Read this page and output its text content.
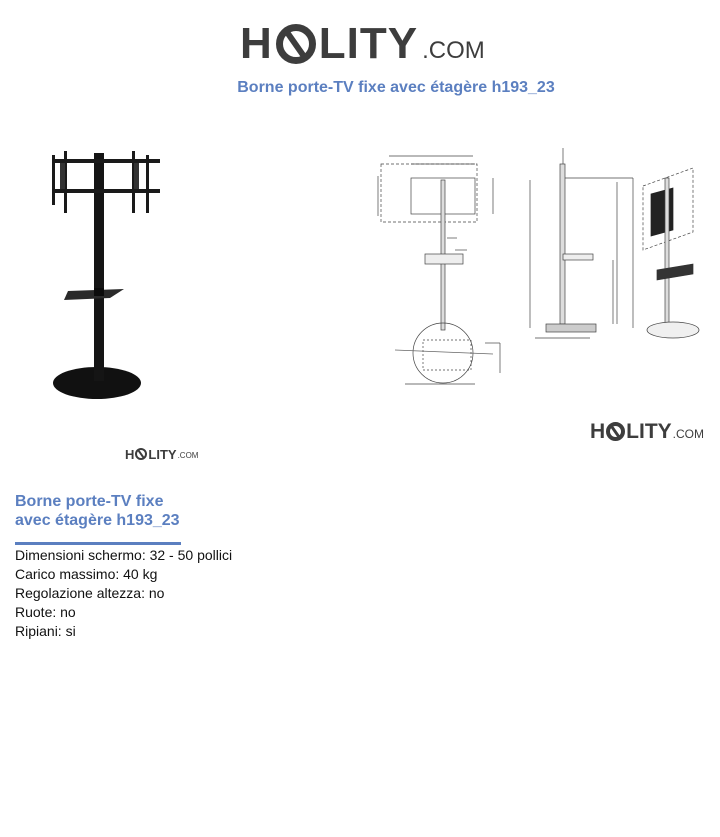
H LITY .COM
Borne porte-TV fixe avec étagère h193_23
H LITY .COM
H LITY .COM
Borne porte-TV fixe
avec étagère h193_23
Dimensioni schermo: 32 - 50 pollici
Carico massimo: 40 kg
Regolazione altezza: no
Ruote: no
Ripiani: si
